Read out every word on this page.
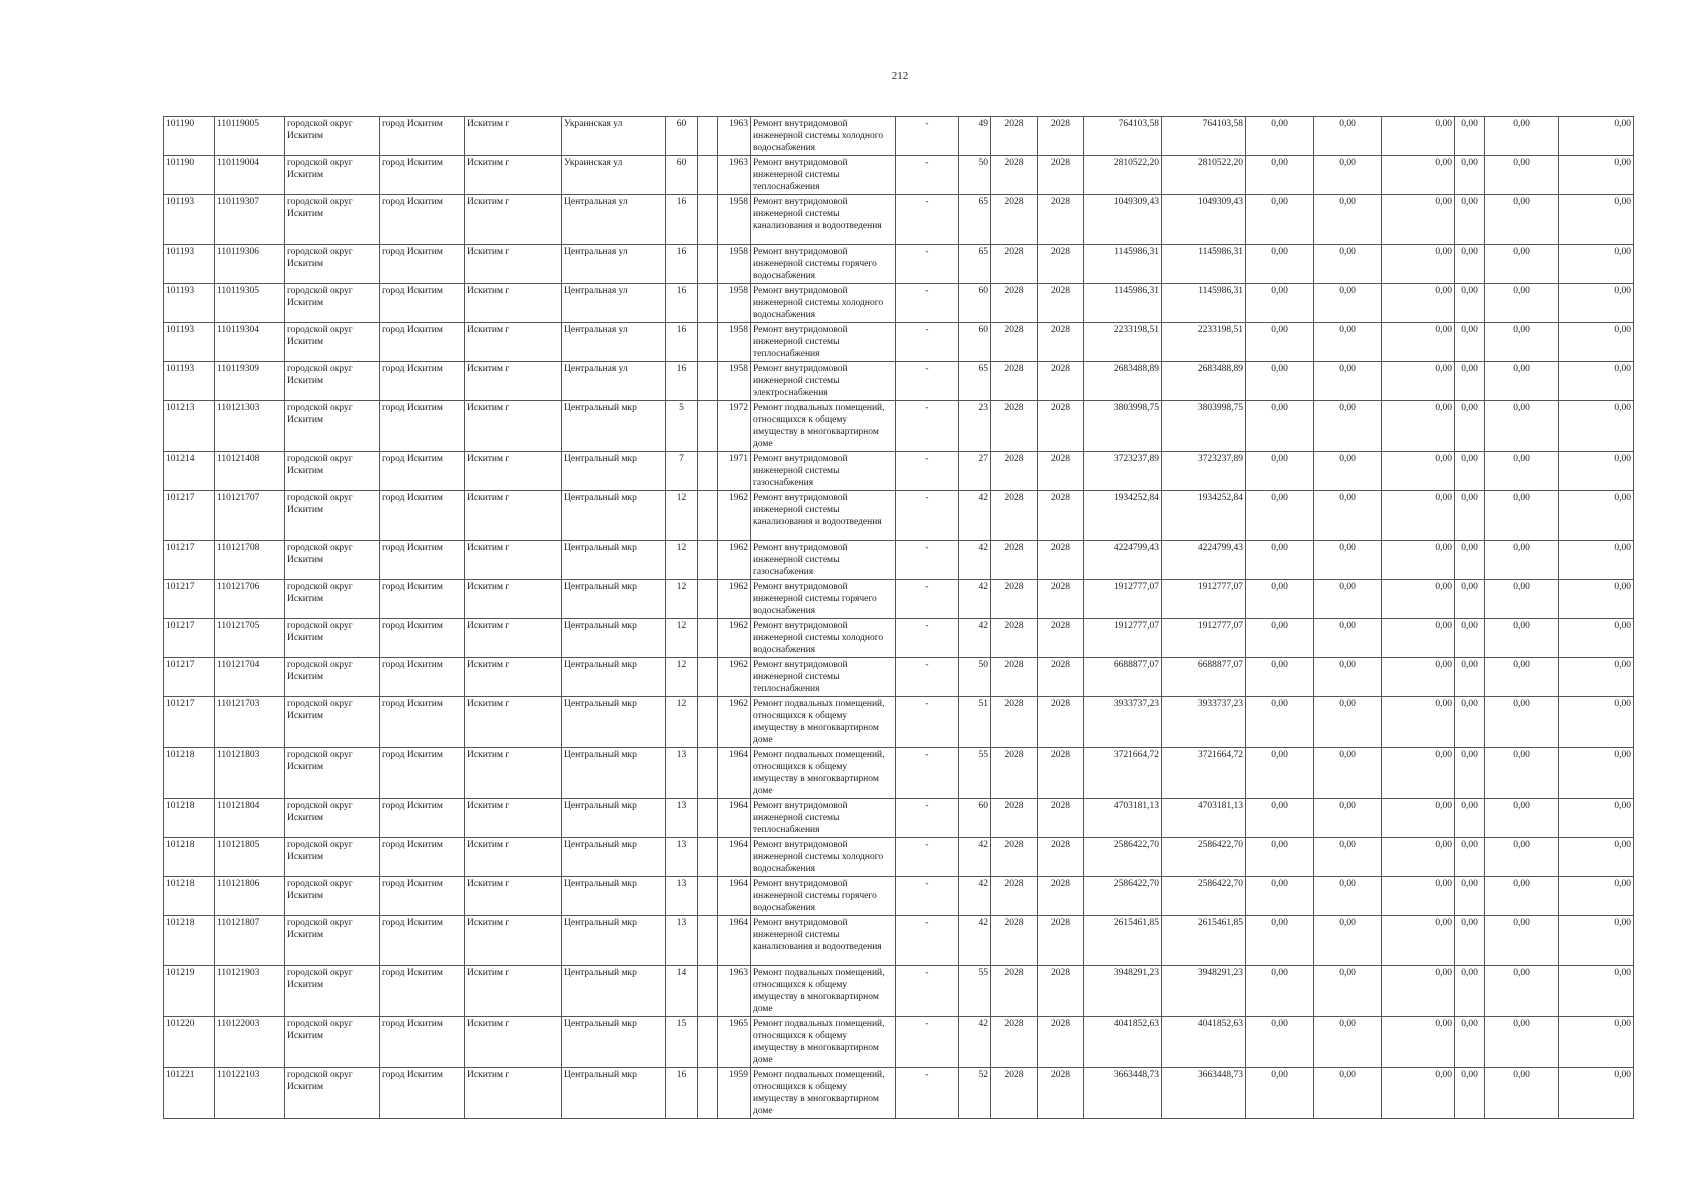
212
101190	110119005	городской округ Искитим	город Искитим	Искитим г	Украинская ул	60		1963	Ремонт внутридомовой инженерной системы холодного водоснабжения	-	49	2028	2028	764103,58	764103,58	0,00	0,00	0,00	0,00	0,00	0,00
101190	110119004	городской округ Искитим	город Искитим	Искитим г	Украинская ул	60		1963	Ремонт внутридомовой инженерной системы теплоснабжения	-	50	2028	2028	2810522,20	2810522,20	0,00	0,00	0,00	0,00	0,00	0,00
101193	110119307	городской округ Искитим	город Искитим	Искитим г	Центральная ул	16		1958	Ремонт внутридомовой инженерной системы канализования и водоотведения	-	65	2028	2028	1049309,43	1049309,43	0,00	0,00	0,00	0,00	0,00	0,00
101193	110119306	городской округ Искитим	город Искитим	Искитим г	Центральная ул	16		1958	Ремонт внутридомовой инженерной системы горячего водоснабжения	-	65	2028	2028	1145986,31	1145986,31	0,00	0,00	0,00	0,00	0,00	0,00
101193	110119305	городской округ Искитим	город Искитим	Искитим г	Центральная ул	16		1958	Ремонт внутридомовой инженерной системы холодного водоснабжения	-	60	2028	2028	1145986,31	1145986,31	0,00	0,00	0,00	0,00	0,00	0,00
101193	110119304	городской округ Искитим	город Искитим	Искитим г	Центральная ул	16		1958	Ремонт внутридомовой инженерной системы теплоснабжения	-	60	2028	2028	2233198,51	2233198,51	0,00	0,00	0,00	0,00	0,00	0,00
101193	110119309	городской округ Искитим	город Искитим	Искитим г	Центральная ул	16		1958	Ремонт внутридомовой инженерной системы электроснабжения	-	65	2028	2028	2683488,89	2683488,89	0,00	0,00	0,00	0,00	0,00	0,00
101213	110121303	городской округ Искитим	город Искитим	Искитим г	Центральный мкр	5		1972	Ремонт подвальных помещений, относящихся к общему имуществу в многоквартирном доме	-	23	2028	2028	3803998,75	3803998,75	0,00	0,00	0,00	0,00	0,00	0,00
101214	110121408	городской округ Искитим	город Искитим	Искитим г	Центральный мкр	7		1971	Ремонт внутридомовой инженерной системы газоснабжения	-	27	2028	2028	3723237,89	3723237,89	0,00	0,00	0,00	0,00	0,00	0,00
101217	110121707	городской округ Искитим	город Искитим	Искитим г	Центральный мкр	12		1962	Ремонт внутридомовой инженерной системы канализования и водоотведения	-	42	2028	2028	1934252,84	1934252,84	0,00	0,00	0,00	0,00	0,00	0,00
101217	110121708	городской округ Искитим	город Искитим	Искитим г	Центральный мкр	12		1962	Ремонт внутридомовой инженерной системы газоснабжения	-	42	2028	2028	4224799,43	4224799,43	0,00	0,00	0,00	0,00	0,00	0,00
101217	110121706	городской округ Искитим	город Искитим	Искитим г	Центральный мкр	12		1962	Ремонт внутридомовой инженерной системы горячего водоснабжения	-	42	2028	2028	1912777,07	1912777,07	0,00	0,00	0,00	0,00	0,00	0,00
101217	110121705	городской округ Искитим	город Искитим	Искитим г	Центральный мкр	12		1962	Ремонт внутридомовой инженерной системы холодного водоснабжения	-	42	2028	2028	1912777,07	1912777,07	0,00	0,00	0,00	0,00	0,00	0,00
101217	110121704	городской округ Искитим	город Искитим	Искитим г	Центральный мкр	12		1962	Ремонт внутридомовой инженерной системы теплоснабжения	-	50	2028	2028	6688877,07	6688877,07	0,00	0,00	0,00	0,00	0,00	0,00
101217	110121703	городской округ Искитим	город Искитим	Искитим г	Центральный мкр	12		1962	Ремонт подвальных помещений, относящихся к общему имуществу в многоквартирном доме	-	51	2028	2028	3933737,23	3933737,23	0,00	0,00	0,00	0,00	0,00	0,00
101218	110121803	городской округ Искитим	город Искитим	Искитим г	Центральный мкр	13		1964	Ремонт подвальных помещений, относящихся к общему имуществу в многоквартирном доме	-	55	2028	2028	3721664,72	3721664,72	0,00	0,00	0,00	0,00	0,00	0,00
101218	110121804	городской округ Искитим	город Искитим	Искитим г	Центральный мкр	13		1964	Ремонт внутридомовой инженерной системы теплоснабжения	-	60	2028	2028	4703181,13	4703181,13	0,00	0,00	0,00	0,00	0,00	0,00
101218	110121805	городской округ Искитим	город Искитим	Искитим г	Центральный мкр	13		1964	Ремонт внутридомовой инженерной системы холодного водоснабжения	-	42	2028	2028	2586422,70	2586422,70	0,00	0,00	0,00	0,00	0,00	0,00
101218	110121806	городской округ Искитим	город Искитим	Искитим г	Центральный мкр	13		1964	Ремонт внутридомовой инженерной системы горячего водоснабжения	-	42	2028	2028	2586422,70	2586422,70	0,00	0,00	0,00	0,00	0,00	0,00
101218	110121807	городской округ Искитим	город Искитим	Искитим г	Центральный мкр	13		1964	Ремонт внутридомовой инженерной системы канализования и водоотведения	-	42	2028	2028	2615461,85	2615461,85	0,00	0,00	0,00	0,00	0,00	0,00
101219	110121903	городской округ Искитим	город Искитим	Искитим г	Центральный мкр	14		1963	Ремонт подвальных помещений, относящихся к общему имуществу в многоквартирном доме	-	55	2028	2028	3948291,23	3948291,23	0,00	0,00	0,00	0,00	0,00	0,00
101220	110122003	городской округ Искитим	город Искитим	Искитим г	Центральный мкр	15		1965	Ремонт подвальных помещений, относящихся к общему имуществу в многоквартирном доме	-	42	2028	2028	4041852,63	4041852,63	0,00	0,00	0,00	0,00	0,00	0,00
101221	110122103	городской округ Искитим	город Искитим	Искитим г	Центральный мкр	16		1959	Ремонт подвальных помещений, относящихся к общему имуществу в многоквартирном доме	-	52	2028	2028	3663448,73	3663448,73	0,00	0,00	0,00	0,00	0,00	0,00
